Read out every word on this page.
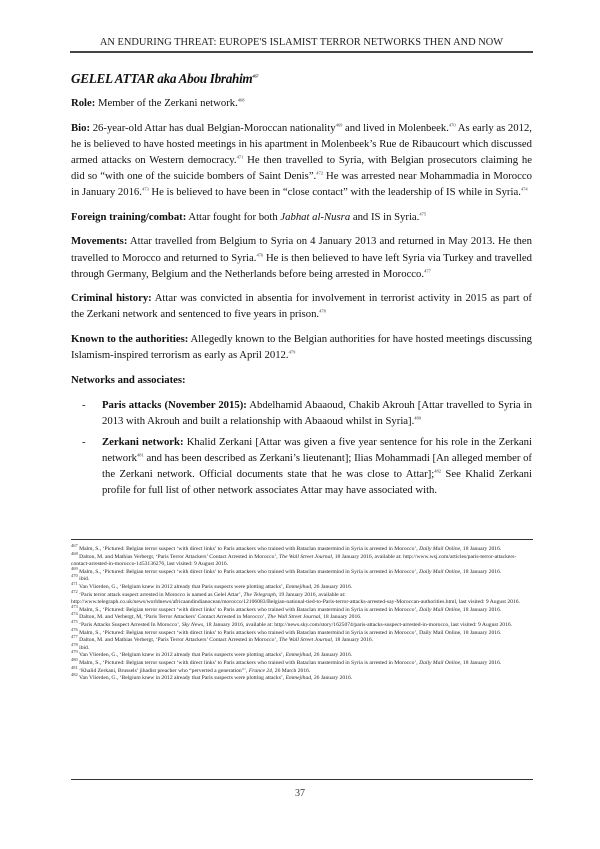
AN ENDURING THREAT: EUROPE'S ISLAMIST TERROR NETWORKS THEN AND NOW
GELEL ATTAR aka Abou Ibrahim$^{467}$

Role: Member of the Zerkani network.$^{468}$

Bio: 26-year-old Attar has dual Belgian-Moroccan nationality$^{469}$ and lived in Molenbeek.$^{470}$ As early as 2012, he is believed to have hosted meetings in his apartment in Molenbeek’s Rue de Ribaucourt which discussed armed attacks on Western democracy.$^{471}$ He then travelled to Syria, with Belgian prosecutors claiming he did so “with one of the suicide bombers of Saint Denis”.$^{472}$ He was arrested near Mohammadia in Morocco in January 2016.$^{473}$ He is believed to have been in “close contact” with the leadership of IS while in Syria.$^{474}$

Foreign training/combat: Attar fought for both Jabhat al-Nusra and IS in Syria.$^{475}$

Movements: Attar travelled from Belgium to Syria on 4 January 2013 and returned in May 2013. He then travelled to Morocco and returned to Syria.$^{476}$ He is then believed to have left Syria via Turkey and travelled through Germany, Belgium and the Netherlands before being arrested in Morocco.$^{477}$

Criminal history: Attar was convicted in absentia for involvement in terrorist activity in 2015 as part of the Zerkani network and sentenced to five years in prison.$^{478}$

Known to the authorities: Allegedly known to the Belgian authorities for have hosted meetings discussing Islamism-inspired terrorism as early as April 2012.$^{479}$

Networks and associates:

- Paris attacks (November 2015): Abdelhamid Abaaoud, Chakib Akrouh [Attar travelled to Syria in 2013 with Akrouh and built a relationship with Abaaoud whilst in Syria].$^{480}$
- Zerkani network: Khalid Zerkani [Attar was given a five year sentence for his role in the Zerkani network$^{481}$ and has been described as Zerkani’s lieutenant]; Ilias Mohammadi [An alleged member of the Zerkani network. Official documents state that he was close to Attar];$^{482}$ See Khalid Zerkani profile for full list of other network associates Attar may have associated with.
$^{467}$ Malm, S., ‘Pictured: Belgian terror suspect ‘with direct links’ to Paris attackers who trained with Bataclan mastermind in Syria is arrested in Morocco’, Daily Mail Online, 18 January 2016.
$^{468}$ Dalton, M. and Mathias Verbergt, ‘Paris Terror Attackers’ Contact Arrested in Morocco’, The Wall Street Journal, 18 January 2016, available at: http://www.wsj.com/articles/paris-terror-attackers-contact-arrested-in-morocco-1453136276, last visited: 9 August 2016.
$^{469}$ Malm, S., ‘Pictured: Belgian terror suspect ‘with direct links’ to Paris attackers who trained with Bataclan mastermind in Syria is arrested in Morocco’, Daily Mail Online, 18 January 2016.
$^{470}$ ibid.
$^{471}$ Van Vlierden, G., ‘Belgium knew in 2012 already that Paris suspects were plotting attacks’, Emmejihad, 26 January 2016.
$^{472}$ ‘Paris terror attack suspect arrested in Morocco is named as Gelel Attar’, The Telegraph, 19 January 2016, available at: http://www.telegraph.co.uk/news/worldnews/africaandindianocean/morocco/12106083/Belgian-national-tied-to-Paris-terror-attacks-arrested-say-Moroccan-authorities.html, last visited: 9 August 2016.
$^{473}$ Malm, S., ‘Pictured: Belgian terror suspect ‘with direct links’ to Paris attackers who trained with Bataclan mastermind in Syria is arrested in Morocco’, Daily Mail Online, 18 January 2016.
$^{474}$ Dalton, M. and Verbergt, M, ‘Paris Terror Attackers’ Contact Arrested in Morocco’, The Wall Street Journal, 18 January 2016.
$^{475}$ ‘Paris Attacks Suspect Arrested In Morocco’, Sky News, 18 January 2016, available at: http://news.sky.com/story/1625074/paris-attacks-suspect-arrested-in-morocco, last visited: 9 August 2016.
$^{476}$ Malm, S., ‘Pictured: Belgian terror suspect ‘with direct links’ to Paris attackers who trained with Bataclan mastermind in Syria is arrested in Morocco’, Daily Mail Online, 18 January 2016.
$^{477}$ Dalton, M. and Mathias Verbergt, ‘Paris Terror Attackers’ Contact Arrested in Morocco’, The Wall Street Journal, 18 January 2016.
$^{478}$ ibid.
$^{479}$ Van Vlierden, G., ‘Belgium knew in 2012 already that Paris suspects were plotting attacks’, Emmejihad, 26 January 2016.
$^{480}$ Malm, S., ‘Pictured: Belgian terror suspect ‘with direct links’ to Paris attackers who trained with Bataclan mastermind in Syria is arrested in Morocco’, Daily Mail Online, 18 January 2016.
$^{481}$ ‘Khalid Zerkani, Brussels’ jihadist preacher who “perverted a generation”’, France 24, 26 March 2016.
$^{482}$ Van Vlierden, G., ‘Belgium knew in 2012 already that Paris suspects were plotting attacks’, Emmejihad, 26 January 2016.
37
